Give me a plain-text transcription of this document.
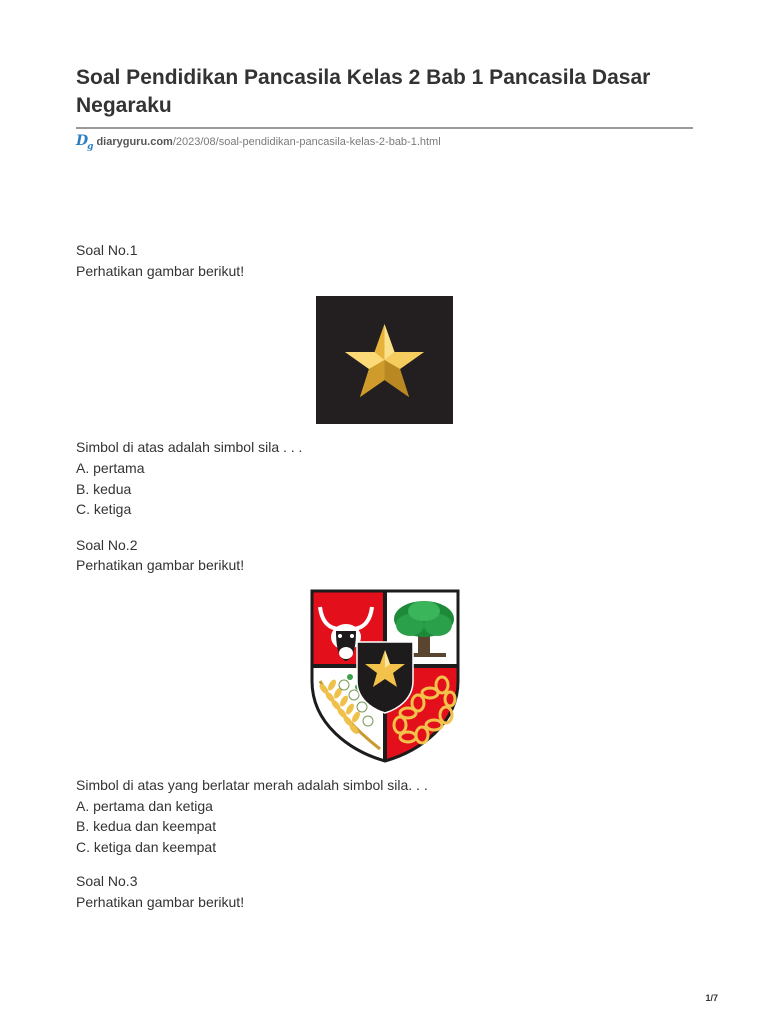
Soal Pendidikan Pancasila Kelas 2 Bab 1 Pancasila Dasar Negaraku
$D_g$ diaryguru.com /2023/08/soal-pendidikan-pancasila-kelas-2-bab-1.html
Soal No.1
Perhatikan gambar berikut!
Simbol di atas adalah simbol sila . . .
A. pertama
B. kedua
C. ketiga
Soal No.2
Perhatikan gambar berikut!
Simbol di atas yang berlatar merah adalah simbol sila. . .
A. pertama dan ketiga
B. kedua dan keempat
C. ketiga dan keempat
Soal No.3
Perhatikan gambar berikut!
1/7
